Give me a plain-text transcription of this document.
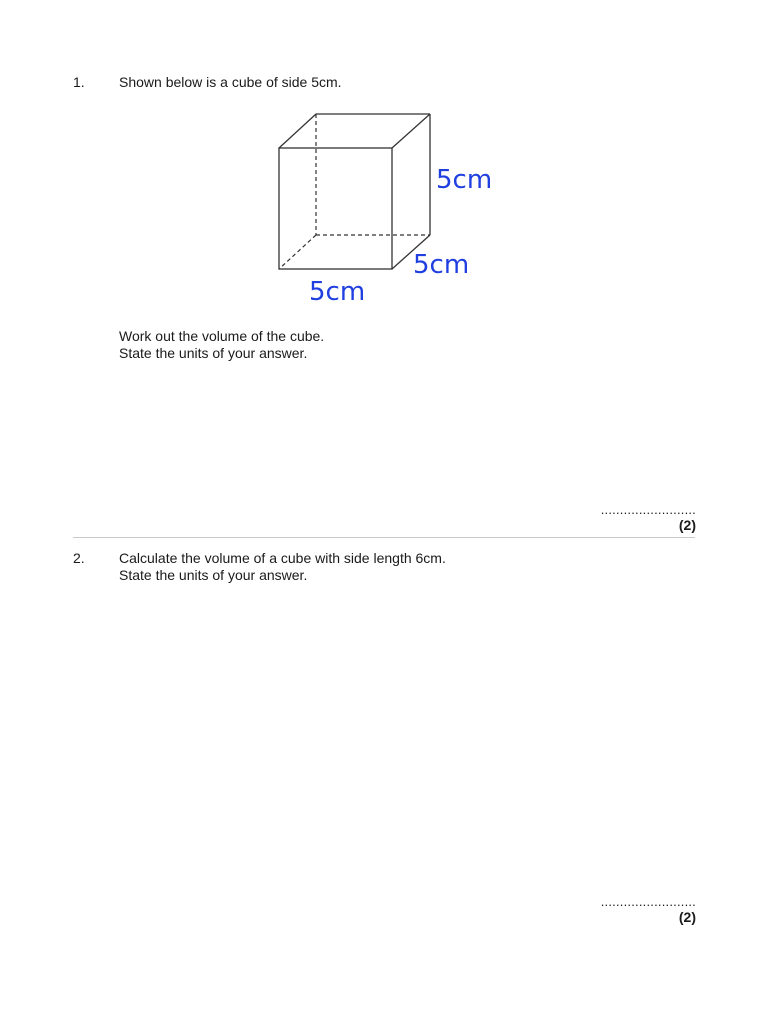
1. Shown below is a cube of side 5cm.
5cm
5cm
5cm
Work out the volume of the cube.
State the units of your answer.
.........................
(2)
2. Calculate the volume of a cube with side length 6cm.
State the units of your answer.
.........................
(2)
